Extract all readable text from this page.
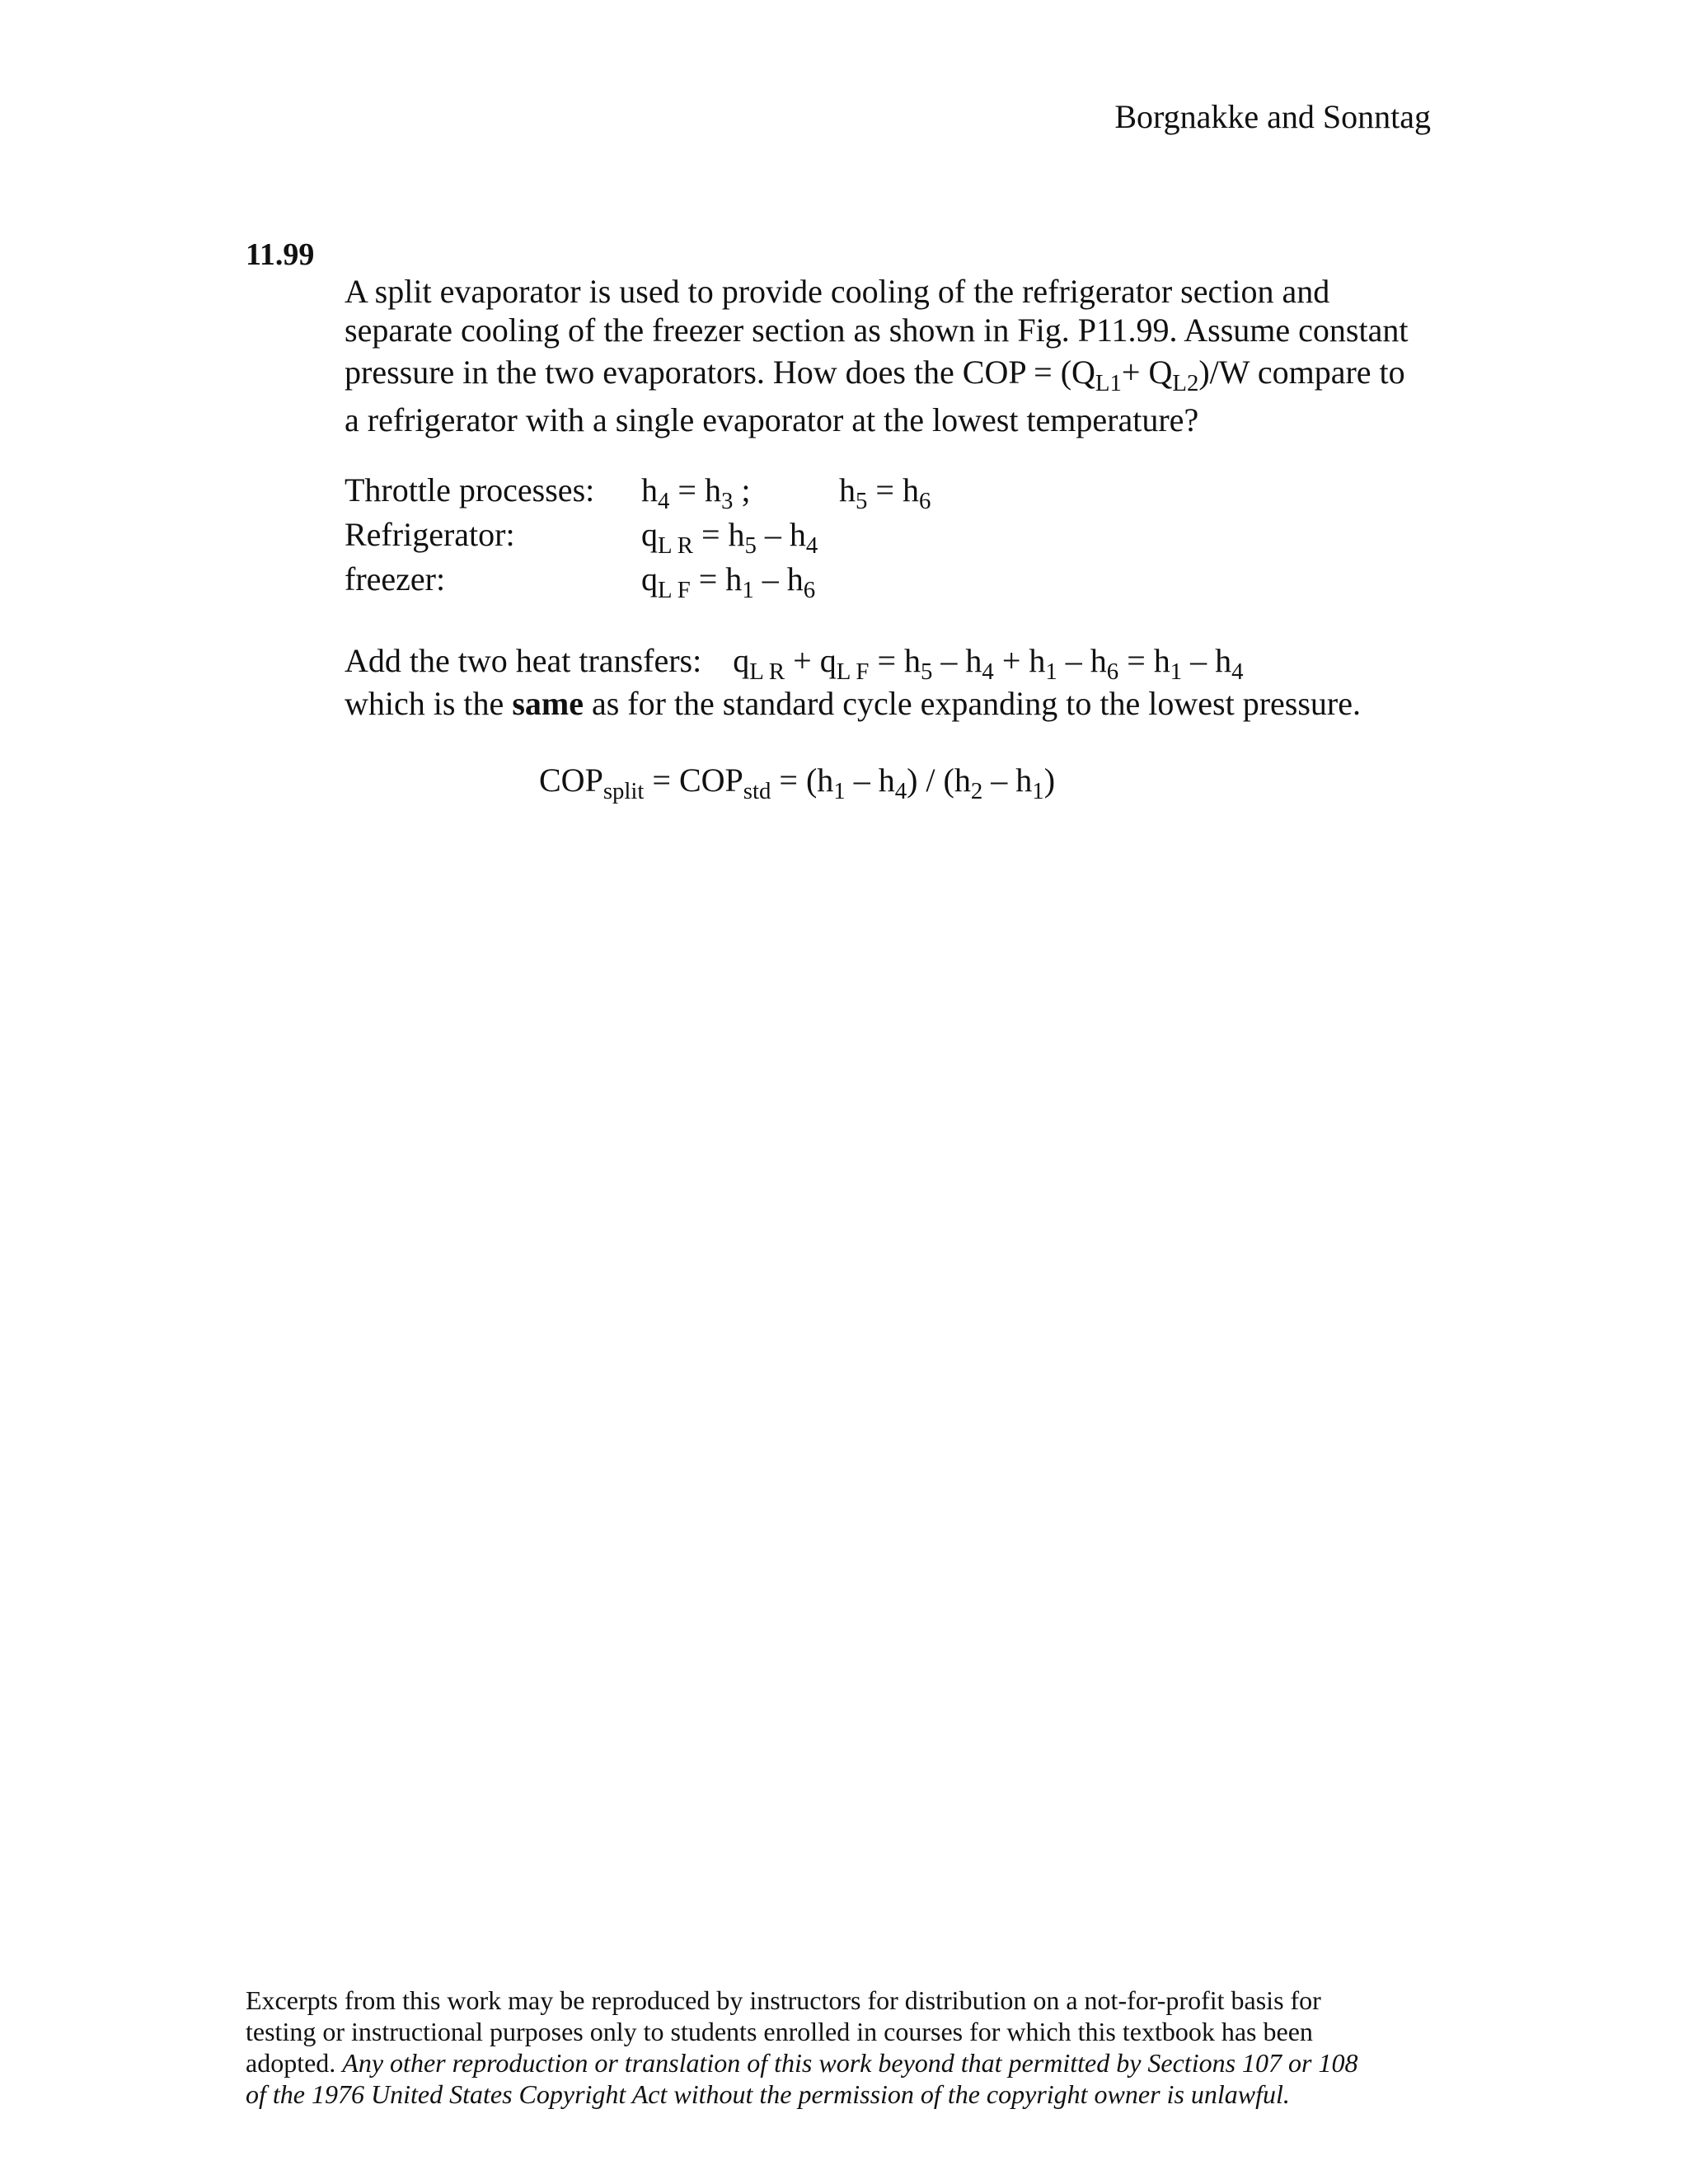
Borgnakke and Sonntag
11.99
A split evaporator is used to provide cooling of the refrigerator section and
separate cooling of the freezer section as shown in Fig. P11.99. Assume constant
pressure in the two evaporators. How does the COP = $(Q_{L1}+ Q_{L2})/W$ compare to
a refrigerator with a single evaporator at the lowest temperature?
Throttle processes:	$h_4 = h_3$ ;	$h_5 = h_6$
Refrigerator:	$q_{L R} = h_5 - h_4$
freezer:	$q_{L F} = h_1 - h_6$
Add the two heat transfers: $q_{L R} + q_{L F} = h_5 - h_4 + h_1 - h_6 = h_1 - h_4$
which is the same as for the standard cycle expanding to the lowest pressure.
$COP_{split} = COP_{std} = (h_1 - h_4) / (h_2 - h_1)$
Excerpts from this work may be reproduced by instructors for distribution on a not-for-profit basis for
testing or instructional purposes only to students enrolled in courses for which this textbook has been
adopted. Any other reproduction or translation of this work beyond that permitted by Sections 107 or 108
of the 1976 United States Copyright Act without the permission of the copyright owner is unlawful.
